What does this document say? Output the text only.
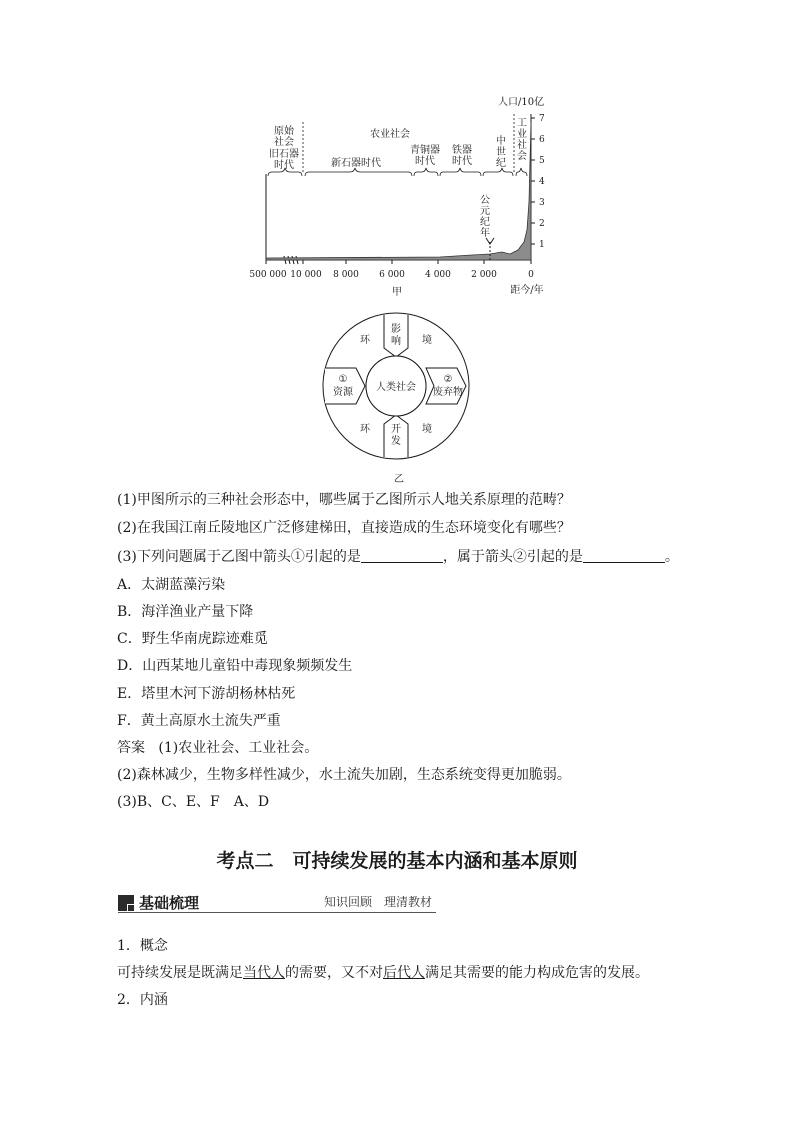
1
2
3
4
5
6
7
人口/10亿
500 000 10 000 8 000 6 000 4 000 2 000	0
距今/年
甲
公
元
纪
年
原始
社会
旧石器
时代
农业社会
新石器时代
青铜器
时代
铁器
时代
中
世
纪
工
业
社
会
人类社会
影
响
开
发
①
资源
②
废弃物
环	境
环	境
乙
(1)甲图所示的三种社会形态中，哪些属于乙图所示人地关系原理的范畴？
(2)在我国江南丘陵地区广泛修建梯田，直接造成的生态环境变化有哪些？
(3)下列问题属于乙图中箭头①引起的是	，属于箭头②引起的是	。
A．太湖蓝藻污染
B．海洋渔业产量下降
C．野生华南虎踪迹难觅
D．山西某地儿童铅中毒现象频频发生
E．塔里木河下游胡杨林枯死
F．黄土高原水土流失严重
答案 (1)农业社会、工业社会。
(2)森林减少，生物多样性减少，水土流失加剧，生态系统变得更加脆弱。
(3)B、C、E、F　A、D
考点二　可持续发展的基本内涵和基本原则
基础梳理	知识回顾　理清教材
1．概念
可持续发展是既满足当代人的需要，又不对后代人满足其需要的能力构成危害的发展。
2．内涵
